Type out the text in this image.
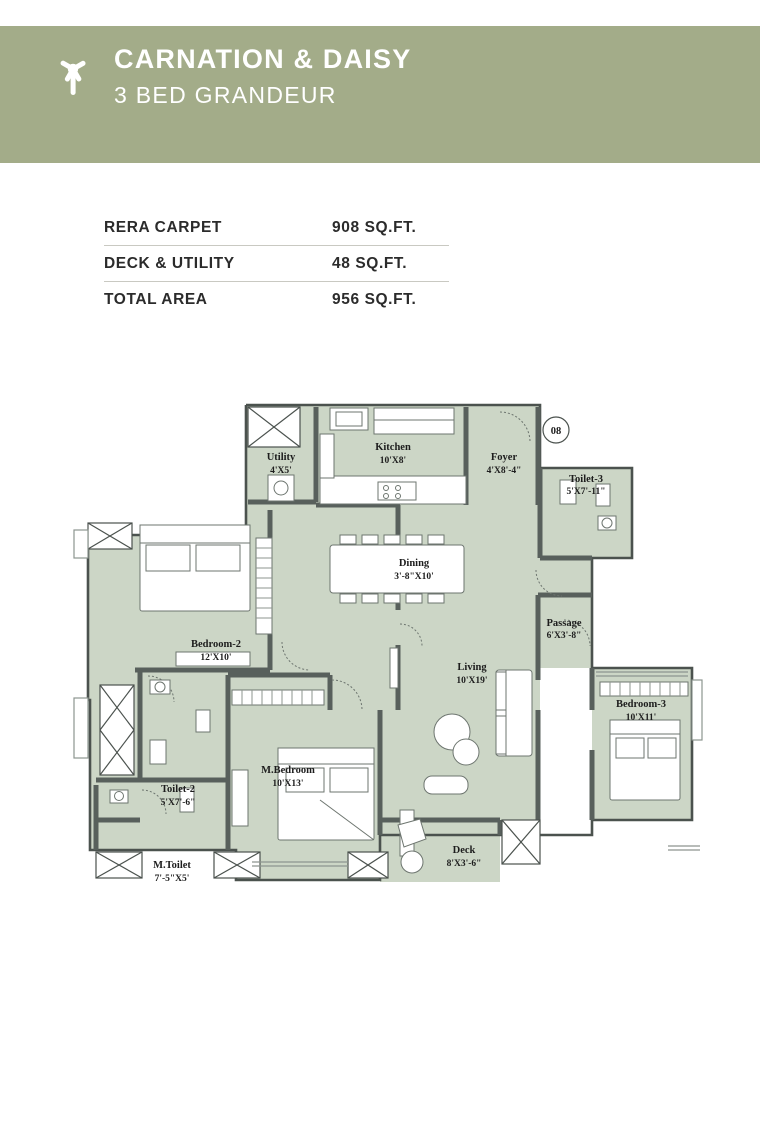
CARNATION & DAISY
3 BED GRANDEUR
RERA CARPET	908 SQ.FT.
DECK & UTILITY	48 SQ.FT.
TOTAL AREA	956 SQ.FT.
08
Utility
4'X5'
Kitchen
10'X8'	Foyer
4'X8'-4"
Toilet-3
5'X7'-11"
Dining
3'-8"X10'
Bedroom-2
12'X10'
Passage
6'X3'-8"
Living
10'X19'
Bedroom-3
10'X11'
Toilet-2
5'X7'-6"
M.Bedroom
10'X13'
M.Toilet
7'-5"X5'
Deck
8'X3'-6"
